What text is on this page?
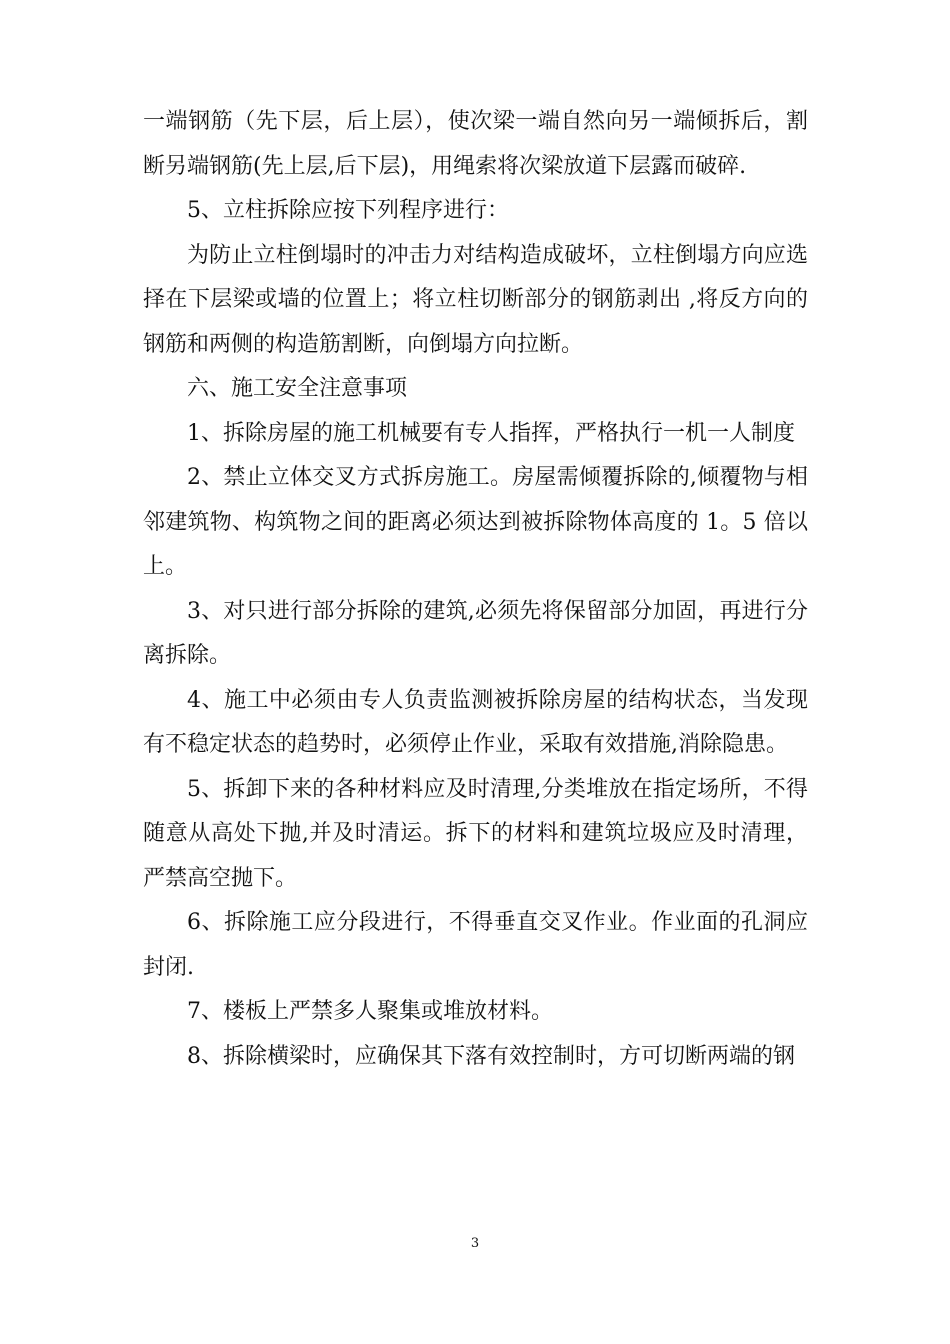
一端钢筋（先下层，后上层），使次梁一端自然向另一端倾拆后，割断另端钢筋(先上层,后下层)，用绳索将次梁放道下层露而破碎.

5、立柱拆除应按下列程序进行：

为防止立柱倒塌时的冲击力对结构造成破坏，立柱倒塌方向应选择在下层梁或墙的位置上；将立柱切断部分的钢筋剥出 ,将反方向的钢筋和两侧的构造筋割断，向倒塌方向拉断。

六、施工安全注意事项

1、拆除房屋的施工机械要有专人指挥，严格执行一机一人制度

2、禁止立体交叉方式拆房施工。房屋需倾覆拆除的,倾覆物与相邻建筑物、构筑物之间的距离必须达到被拆除物体高度的 1。5 倍以上。

3、对只进行部分拆除的建筑,必须先将保留部分加固，再进行分离拆除。

4、施工中必须由专人负责监测被拆除房屋的结构状态，当发现有不稳定状态的趋势时，必须停止作业，采取有效措施,消除隐患。

5、拆卸下来的各种材料应及时清理,分类堆放在指定场所，不得随意从高处下抛,并及时清运。拆下的材料和建筑垃圾应及时清理，严禁高空抛下。

6、拆除施工应分段进行，不得垂直交叉作业。作业面的孔洞应封闭.

7、楼板上严禁多人聚集或堆放材料。

8、拆除横梁时，应确保其下落有效控制时，方可切断两端的钢

3
